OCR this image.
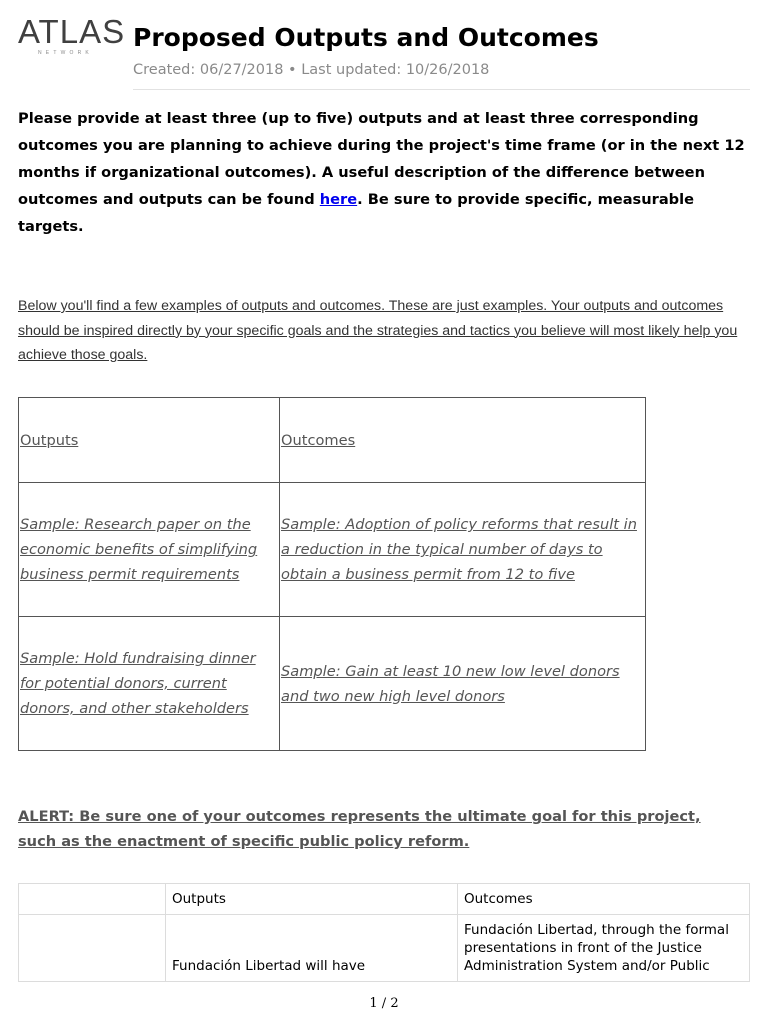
ATLAS
NETWORK
Proposed Outputs and Outcomes
Created: 06/27/2018 • Last updated: 10/26/2018

Please provide at least three (up to five) outputs and at least three corresponding outcomes you are planning to achieve during the project's time frame (or in the next 12 months if organizational outcomes). A useful description of the difference between outcomes and outputs can be found here. Be sure to provide specific, measurable targets.

Below you'll find a few examples of outputs and outcomes. These are just examples. Your outputs and outcomes should be inspired directly by your specific goals and the strategies and tactics you believe will most likely help you achieve those goals.

Outputs	Outcomes
Sample: Research paper on the economic benefits of simplifying business permit requirements	Sample: Adoption of policy reforms that result in a reduction in the typical number of days to obtain a business permit from 12 to five
Sample: Hold fundraising dinner for potential donors, current donors, and other stakeholders	Sample: Gain at least 10 new low level donors and two new high level donors

ALERT: Be sure one of your outcomes represents the ultimate goal for this project, such as the enactment of specific public policy reform.

	Outputs	Outcomes
	Fundación Libertad will have	Fundación Libertad, through the formal presentations in front of the Justice Administration System and/or Public
1 / 2
